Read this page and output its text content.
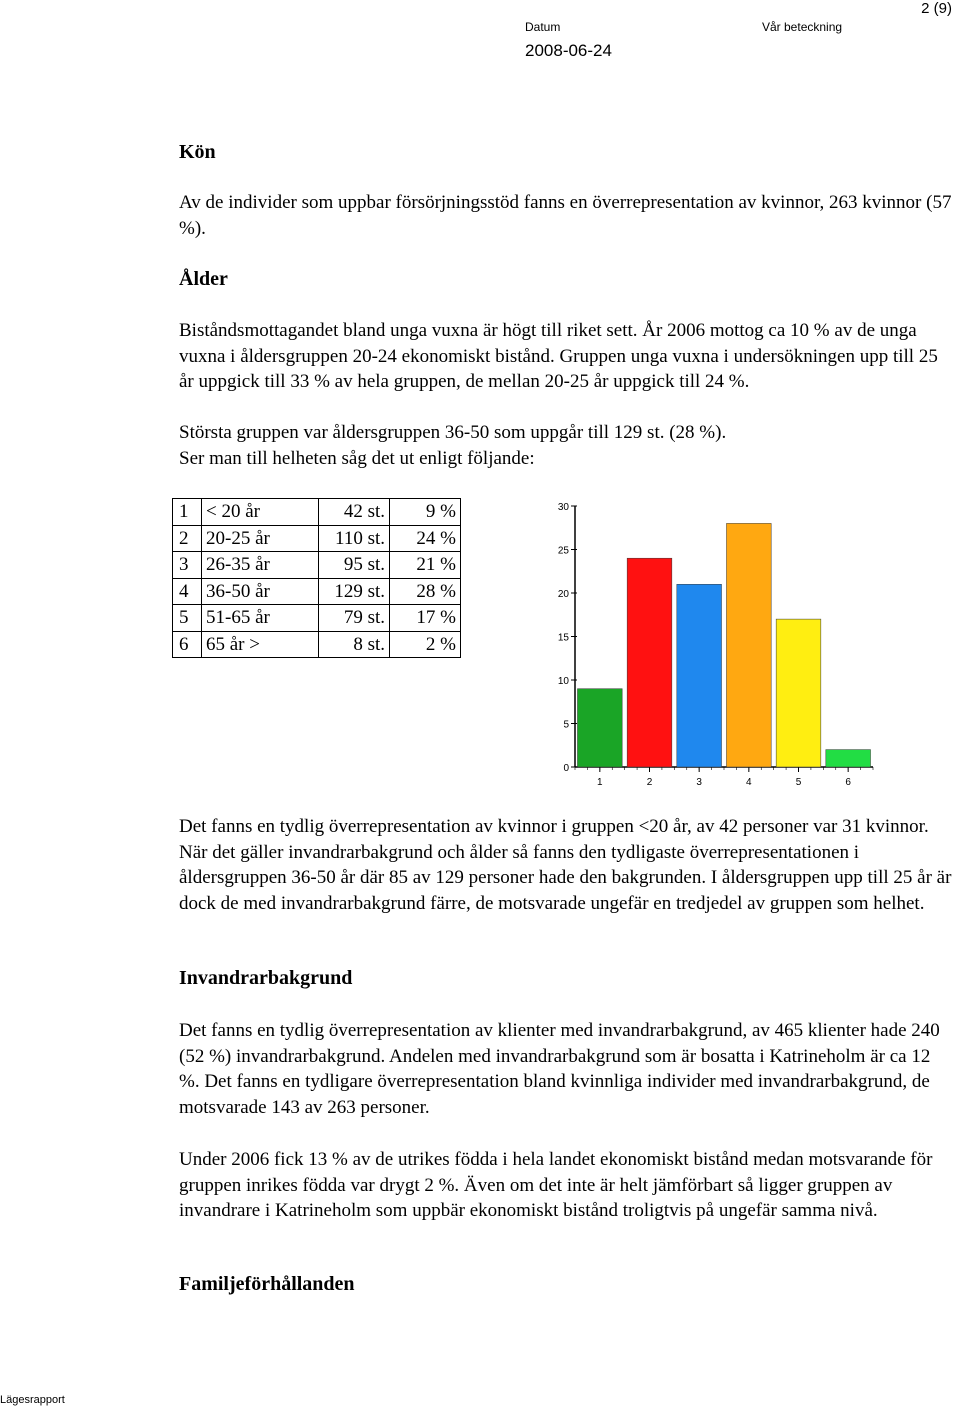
2 (9)
Datum	Vår beteckning
2008-06-24
Kön

Av de individer som uppbar försörjningsstöd fanns en överrepresentation av kvinnor, 263 kvinnor (57 %).

Ålder

Biståndsmottagandet bland unga vuxna är högt till riket sett. År 2006 mottog ca 10 % av de unga vuxna i åldersgruppen 20-24 ekonomiskt bistånd. Gruppen unga vuxna i undersökningen upp till 25 år uppgick till 33 % av hela gruppen, de mellan 20-25 år uppgick till 24 %.

Största gruppen var åldersgruppen 36-50 som uppgår till 129 st. (28 %).

Ser man till helheten såg det ut enligt följande:

1	< 20 år	42 st.	9 %
2	20-25 år	110 st.	24 %
3	26-35 år	95 st.	21 %
4	36-50 år	129 st.	28 %
5	51-65 år	79 st.	17 %
6	65 år >	8 st.	2 %
0
5
10
15
20
25
30
1	2	3	4	5	6

Det fanns en tydlig överrepresentation av kvinnor i gruppen <20 år, av 42 personer var 31 kvinnor. När det gäller invandrarbakgrund och ålder så fanns den tydligaste överrepresentationen i åldersgruppen 36-50 år där 85 av 129 personer hade den bakgrunden. I åldersgruppen upp till 25 år är dock de med invandrarbakgrund färre, de motsvarade ungefär en tredjedel av gruppen som helhet.

Invandrarbakgrund

Det fanns en tydlig överrepresentation av klienter med invandrarbakgrund, av 465 klienter hade 240 (52 %) invandrarbakgrund. Andelen med invandrarbakgrund som är bosatta i Katrineholm är ca 12 %. Det fanns en tydligare överrepresentation bland kvinnliga individer med invandrarbakgrund, de motsvarade 143 av 263 personer.

Under 2006 fick 13 % av de utrikes födda i hela landet ekonomiskt bistånd medan motsvarande för gruppen inrikes födda var drygt 2 %. Även om det inte är helt jämförbart så ligger gruppen av invandrare i Katrineholm som uppbär ekonomiskt bistånd troligtvis på ungefär samma nivå.

Familjeförhållanden
Lägesrapport
